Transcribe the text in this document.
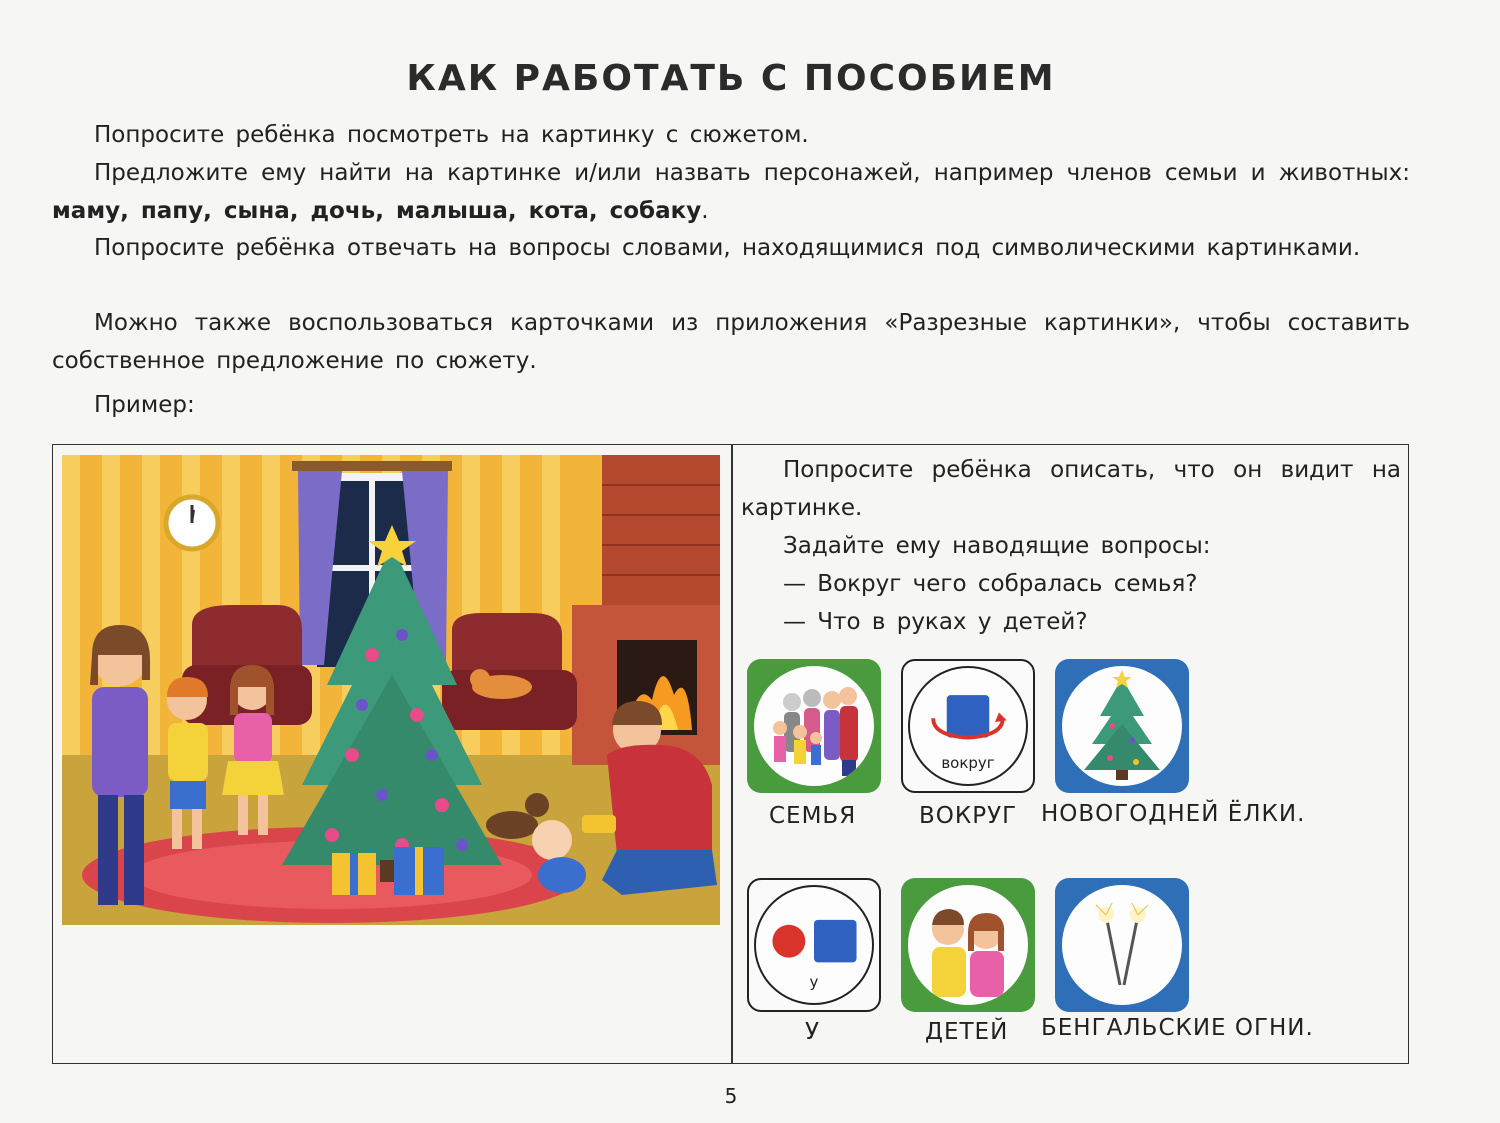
КАК РАБОТАТЬ С ПОСОБИЕМ

Попросите ребёнка посмотреть на картинку с сюжетом.

Предложите ему найти на картинке и/или назвать персонажей, например членов семьи и животных: маму, папу, сына, дочь, малыша, кота, собаку.

Попросите ребёнка отвечать на вопросы словами, находящимися под символическими картинками.

Можно также воспользоваться карточками из приложения «Разрезные картинки», чтобы составить собственное предложение по сюжету.

Пример:

Попросите ребёнка описать, что он видит на картинке.

Задайте ему наводящие вопросы:

— Вокруг чего собралась семья?

— Что в руках у детей?

вокруг
СЕМЬЯ	ВОКРУГ НОВОГОДНЕЙ ЁЛКИ.
у
У	ДЕТЕЙ БЕНГАЛЬСКИЕ ОГНИ.
5
